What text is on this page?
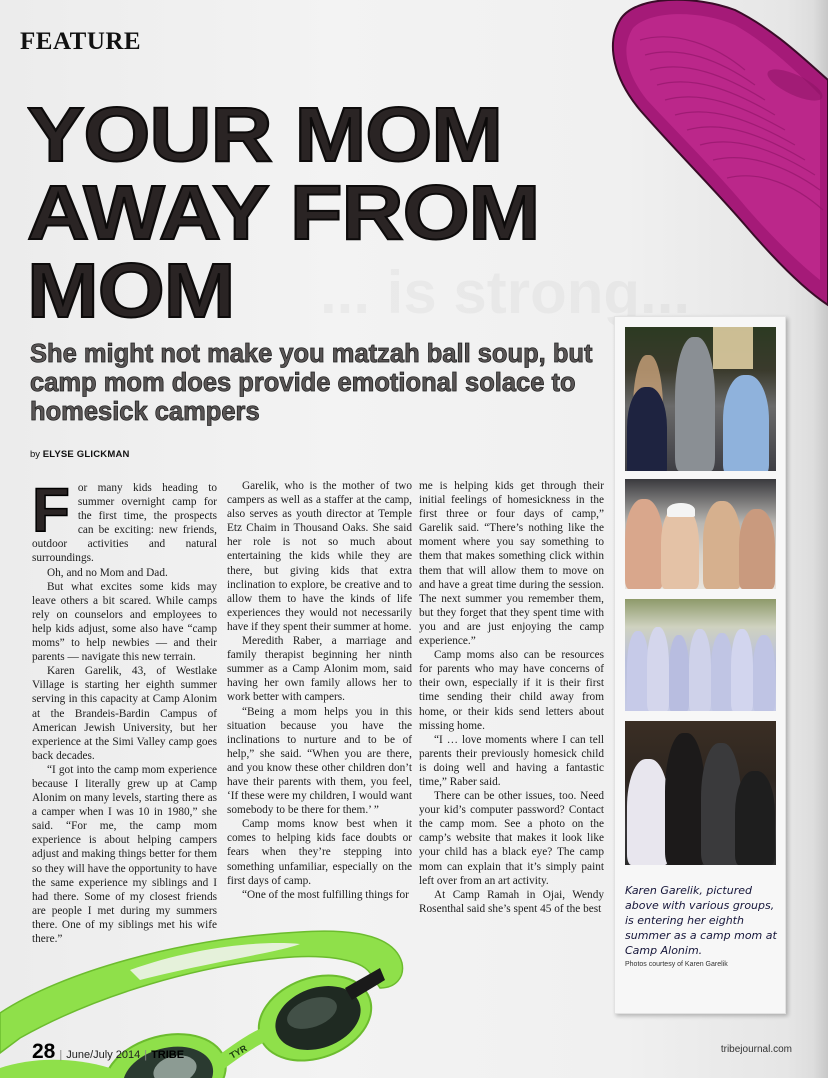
FEATURE
YOUR MOM
AWAY FROM
MOM
She might not make you matzah ball soup, but camp mom does provide emotional solace to homesick campers
by ELYSE GLICKMAN

For many kids heading to summer overnight camp for the first time, the prospects can be exciting: new friends, outdoor activities and natural surroundings.

Oh, and no Mom and Dad.

But what excites some kids may leave others a bit scared. While camps rely on counselors and employees to help kids adjust, some also have “camp moms” to help newbies — and their parents — navigate this new terrain.

Karen Garelik, 43, of Westlake Village is starting her eighth summer serving in this capacity at Camp Alonim at the Brandeis-Bardin Campus of American Jewish University, but her experience at the Simi Valley camp goes back decades.

“I got into the camp mom experience because I literally grew up at Camp Alonim on many levels, starting there as a camper when I was 10 in 1980,” she said. “For me, the camp mom experience is about helping campers adjust and making things better for them so they will have the opportunity to have the same experience my siblings and I had there. Some of my closest friends are people I met during my summers there. One of my siblings met his wife there.”

Garelik, who is the mother of two campers as well as a staffer at the camp, also serves as youth director at Temple Etz Chaim in Thousand Oaks. She said her role is not so much about entertaining the kids while they are there, but giving kids that extra inclination to explore, be creative and to allow them to have the kinds of life experiences they would not necessarily have if they spent their summer at home.

Meredith Raber, a marriage and family therapist beginning her ninth summer as a Camp Alonim mom, said having her own family allows her to work better with campers.

“Being a mom helps you in this situation because you have the inclinations to nurture and to be of help,” she said. “When you are there, and you know these other children don’t have their parents with them, you feel, ‘If these were my children, I would want somebody to be there for them.’ ”

Camp moms know best when it comes to helping kids face doubts or fears when they’re stepping into something unfamiliar, especially on the first days of camp.

“One of the most fulfilling things for

me is helping kids get through their initial feelings of homesickness in the first three or four days of camp,” Garelik said. “There’s nothing like the moment where you say something to them that makes something click within them that will allow them to move on and have a great time during the session. The next summer you remember them, but they forget that they spent time with you and are just enjoying the camp experience.”

Camp moms also can be resources for parents who may have concerns of their own, especially if it is their first time sending their child away from home, or their kids send letters about missing home.

“I … love moments where I can tell parents their previously homesick child is doing well and having a fantastic time,” Raber said.

There can be other issues, too. Need your kid’s computer password? Contact the camp mom. See a photo on the camp’s website that makes it look like your child has a black eye? The camp mom can explain that it’s simply paint left over from an art activity.

At Camp Ramah in Ojai, Wendy Rosenthal said she’s spent 45 of the best

Karen Garelik, pictured above with various groups, is entering her eighth summer as a camp mom at Camp Alonim.

Photos courtesy of Karen Garelik

TYR
28 | June/July 2014 | TRIBE	tribejournal.com
